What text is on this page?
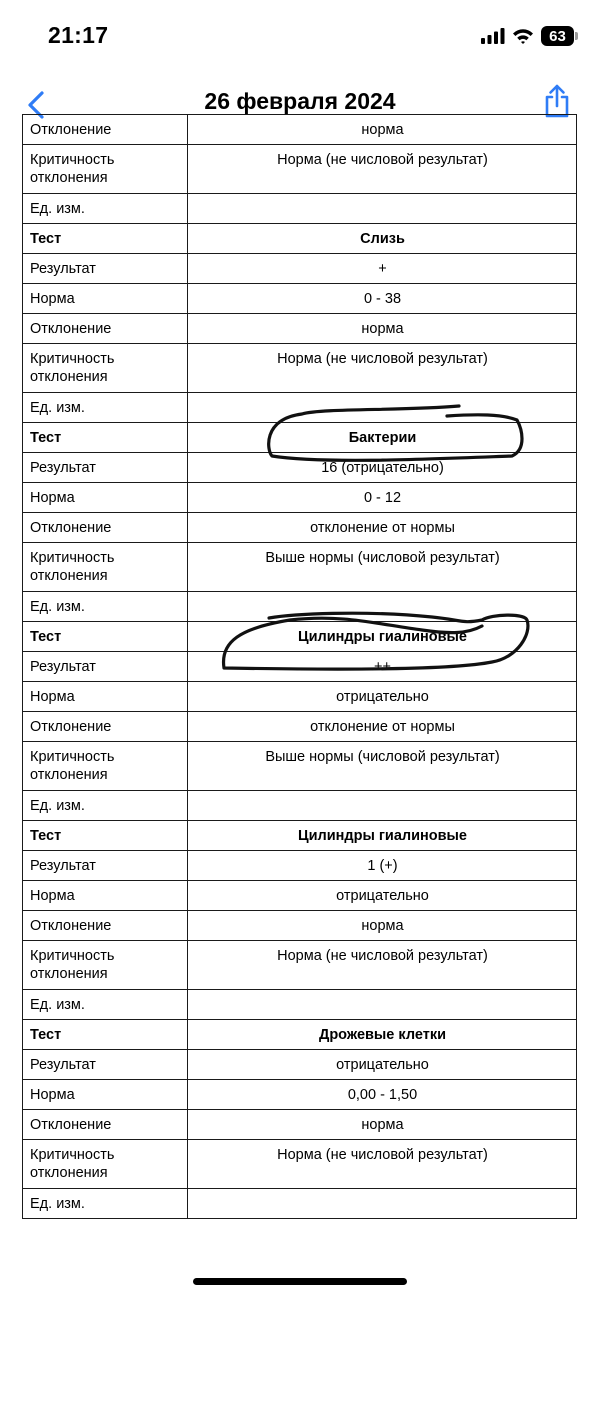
21:17	63
26 февраля 2024
Отклонение	норма
Критичность отклонения	Норма (не числовой результат)
Ед. изм.	
Тест	Слизь
Результат	+
Норма	0 - 38
Отклонение	норма
Критичность отклонения	Норма (не числовой результат)
Ед. изм.	
Тест	Бактерии
Результат	16 (отрицательно)
Норма	0 - 12
Отклонение	отклонение от нормы
Критичность отклонения	Выше нормы (числовой результат)
Ед. изм.	
Тест	Цилиндры гиалиновые
Результат	++
Норма	отрицательно
Отклонение	отклонение от нормы
Критичность отклонения	Выше нормы (числовой результат)
Ед. изм.	
Тест	Цилиндры гиалиновые
Результат	1 (+)
Норма	отрицательно
Отклонение	норма
Критичность отклонения	Норма (не числовой результат)
Ед. изм.	
Тест	Дрожевые клетки
Результат	отрицательно
Норма	0,00 - 1,50
Отклонение	норма
Критичность отклонения	Норма (не числовой результат)
Ед. изм.	
